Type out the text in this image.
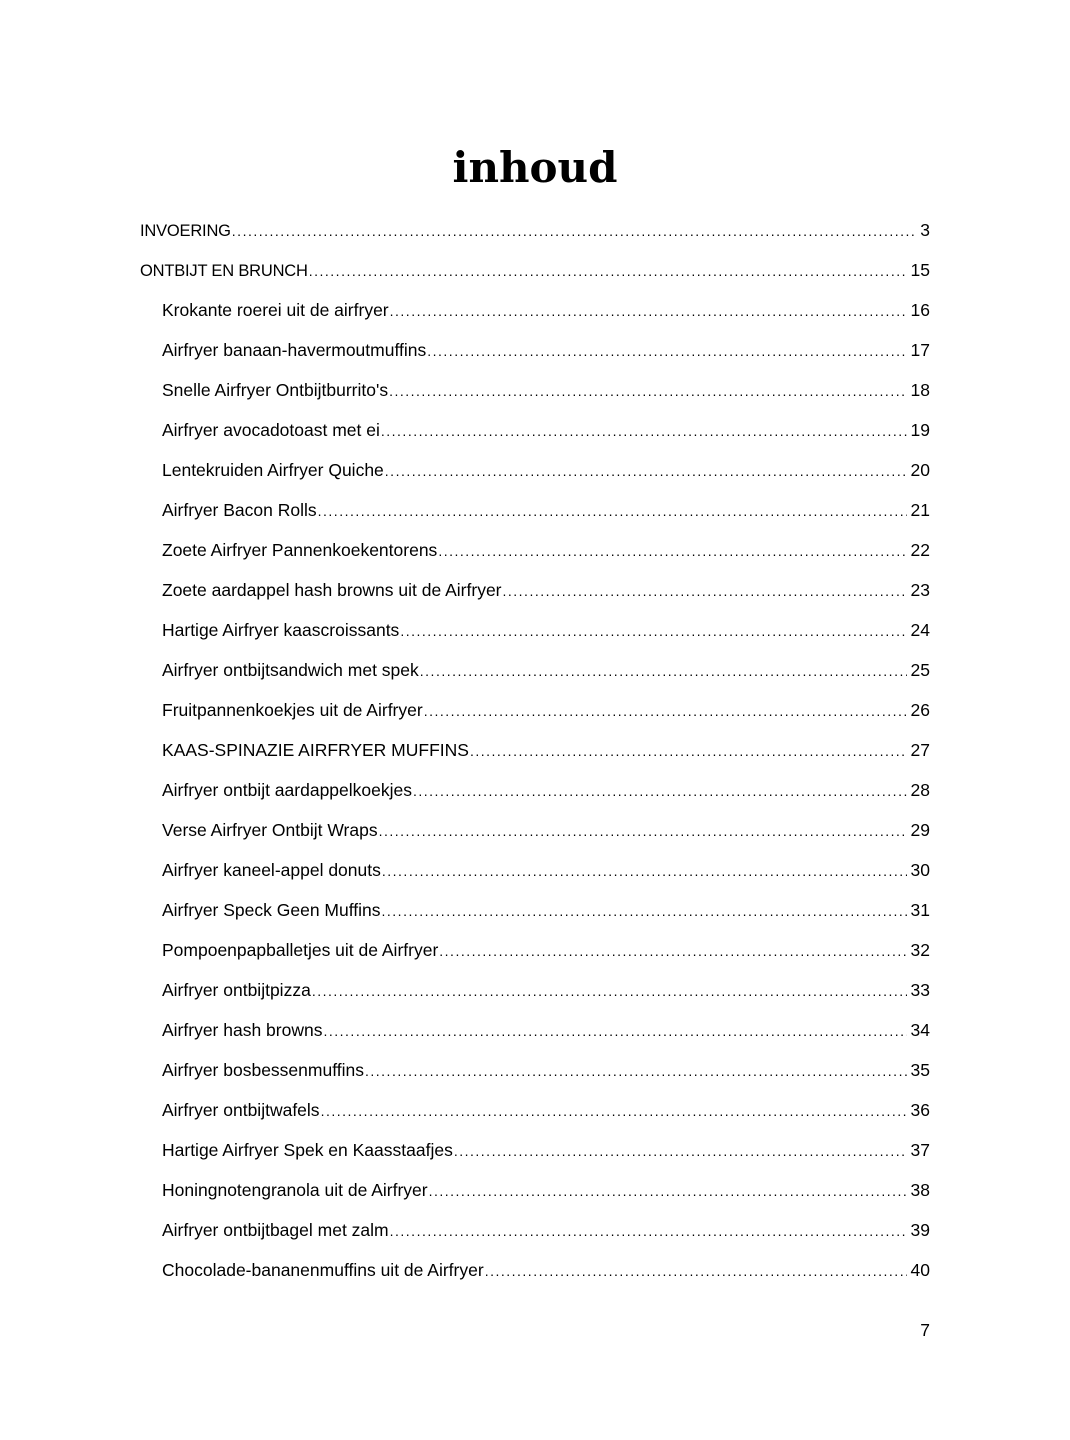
inhoud
INVOERING .....	3
ONTBIJT EN BRUNCH .....	15
Krokante roerei uit de airfryer .....	16
Airfryer banaan-havermoutmuffins .....	17
Snelle Airfryer Ontbijtburrito's .....	18
Airfryer avocadotoast met ei .....	19
Lentekruiden Airfryer Quiche .....	20
Airfryer Bacon Rolls .....	21
Zoete Airfryer Pannenkoekentorens .....	22
Zoete aardappel hash browns uit de Airfryer .....	23
Hartige Airfryer kaascroissants .....	24
Airfryer ontbijtsandwich met spek .....	25
Fruitpannenkoekjes uit de Airfryer .....	26
KAAS-SPINAZIE AIRFRYER MUFFINS .....	27
Airfryer ontbijt aardappelkoekjes .....	28
Verse Airfryer Ontbijt Wraps .....	29
Airfryer kaneel-appel donuts .....	30
Airfryer Speck Geen Muffins .....	31
Pompoenpapballetjes uit de Airfryer .....	32
Airfryer ontbijtpizza .....	33
Airfryer hash browns .....	34
Airfryer bosbessenmuffins .....	35
Airfryer ontbijtwafels .....	36
Hartige Airfryer Spek en Kaasstaafjes .....	37
Honingnotengranola uit de Airfryer .....	38
Airfryer ontbijtbagel met zalm .....	39
Chocolade-bananenmuffins uit de Airfryer .....	40
7
